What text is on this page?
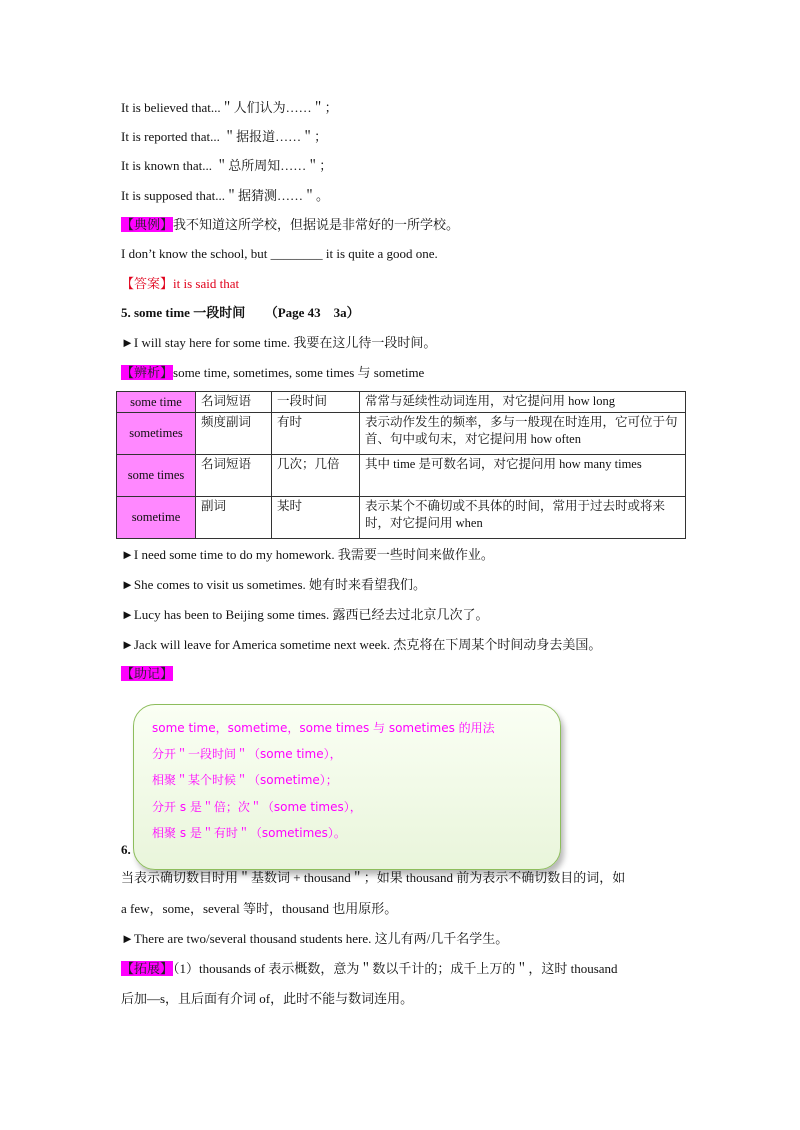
It is believed that...＂人们认为……＂；
It is reported that... ＂据报道……＂；
It is known that... ＂总所周知……＂；
It is supposed that...＂据猜测……＂。
【典例】我不知道这所学校，但据说是非常好的一所学校。
I don’t know the school, but ________ it is quite a good one.
【答案】it is said that
5. some time 一段时间　　（Page 43　3a）
►I will stay here for some time. 我要在这儿待一段时间。
【辨析】some time, sometimes, some times 与 sometime
some time	名词短语	一段时间	常常与延续性动词连用，对它提问用 how long
sometimes	频度副词	有时	表示动作发生的频率，多与一般现在时连用，它可位于句首、句中或句末，对它提问用 how often
some times	名词短语	几次；几倍	其中 time 是可数名词，对它提问用 how many times
sometime	副词	某时	表示某个不确切或不具体的时间，常用于过去时或将来时，对它提问用 when
►I need some time to do my homework. 我需要一些时间来做作业。
►She comes to visit us sometimes. 她有时来看望我们。
►Lucy has been to Beijing some times. 露西已经去过北京几次了。
►Jack will leave for America sometime next week. 杰克将在下周某个时间动身去美国。
【助记】
6.
some time，sometime，some times 与 sometimes 的用法
分开＂一段时间＂（some time），
相聚＂某个时候＂（sometime）；
分开 s 是＂倍；次＂（some times），
相聚 s 是＂有时＂（sometimes）。
当表示确切数目时用＂基数词 + thousand＂；如果 thousand 前为表示不确切数目的词，如
a few，some，several 等时，thousand 也用原形。
►There are two/several thousand students here. 这儿有两/几千名学生。
【拓展】（1）thousands of 表示概数，意为＂数以千计的；成千上万的＂，这时 thousand
后加—s，且后面有介词 of，此时不能与数词连用。
